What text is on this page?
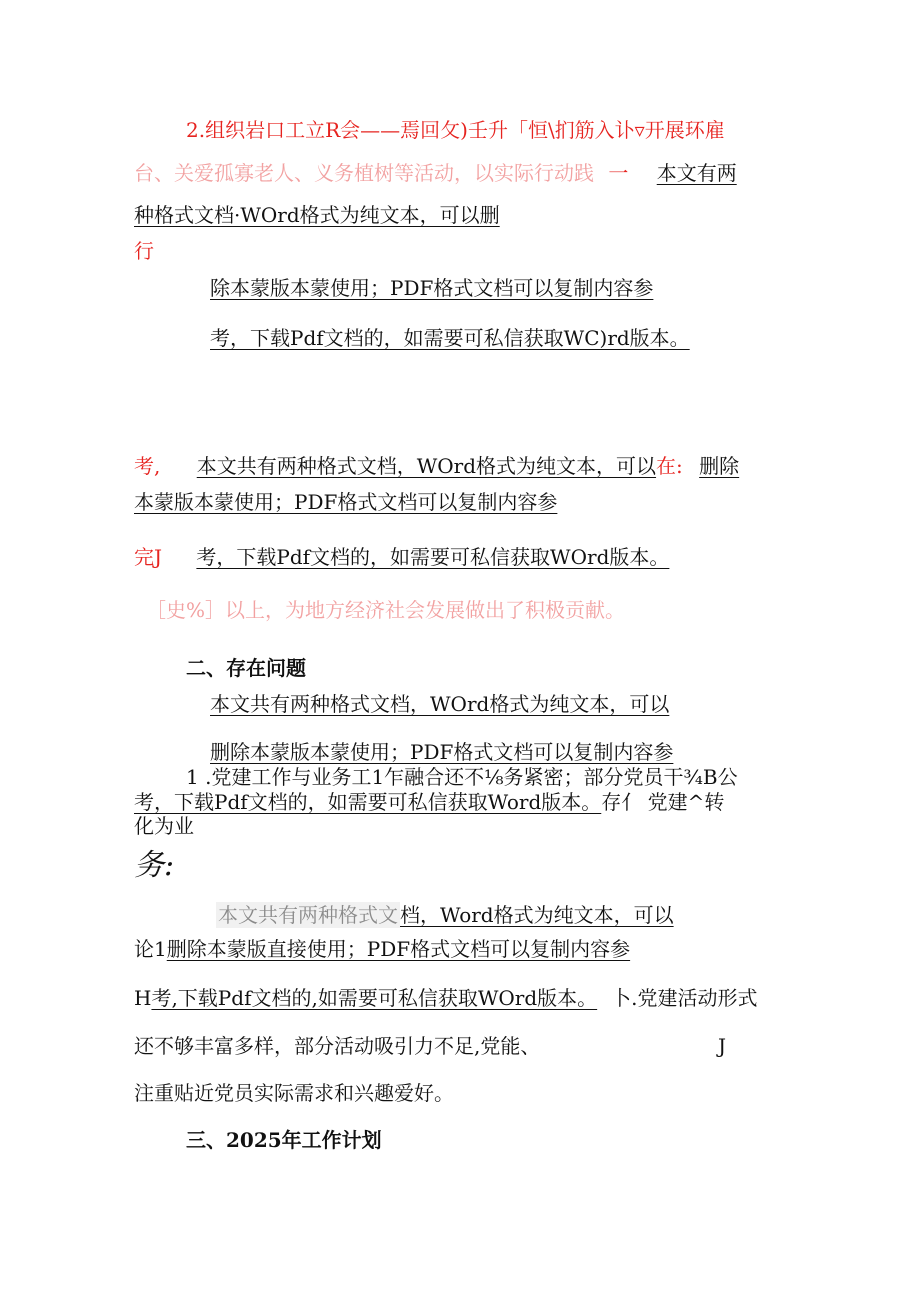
2.组织岩口工立R会——焉回攵)壬升「恒\扪筋入讣▿开展环雇
台、关爱孤寡老人、义务植树等活动，以实际行动践 一 本文有两
种格式文档·WOrd格式为纯文本，可以删
行
除本蒙版本蒙使用；PDF格式文档可以复制内容参
考，下载Pdf文档的，如需要可私信获取WC)rd版本。
考, 本文共有两种格式文档，WOrd格式为纯文本，可以在: 删除
本蒙版本蒙使用；PDF格式文档可以复制内容参
完J 考，下载Pdf文档的，如需要可私信获取WOrd版本。
［史%］以上，为地方经济社会发展做出了积极贡献。
二、存在问题
本文共有两种格式文档，WOrd格式为纯文本，可以
删除本蒙版本蒙使用；PDF格式文档可以复制内容参
1 .党建工作与业务工1乍融合还不⅛务紧密；部分党员干¾B公
考，下载Pdf文档的，如需要可私信获取Word版本。存亻 党建^转
化为业
务:
本文共有两种格式文 档，Word格式为纯文本，可以
论1删除本蒙版直接使用；PDF格式文档可以复制内容参
H考,下载Pdf文档的,如需要可私信获取WOrd版本。 卜.党建活动形式
还不够丰富多样，部分活动吸引力不足,党能、	J
注重贴近党员实际需求和兴趣爱好。
三、2025年工作计划
